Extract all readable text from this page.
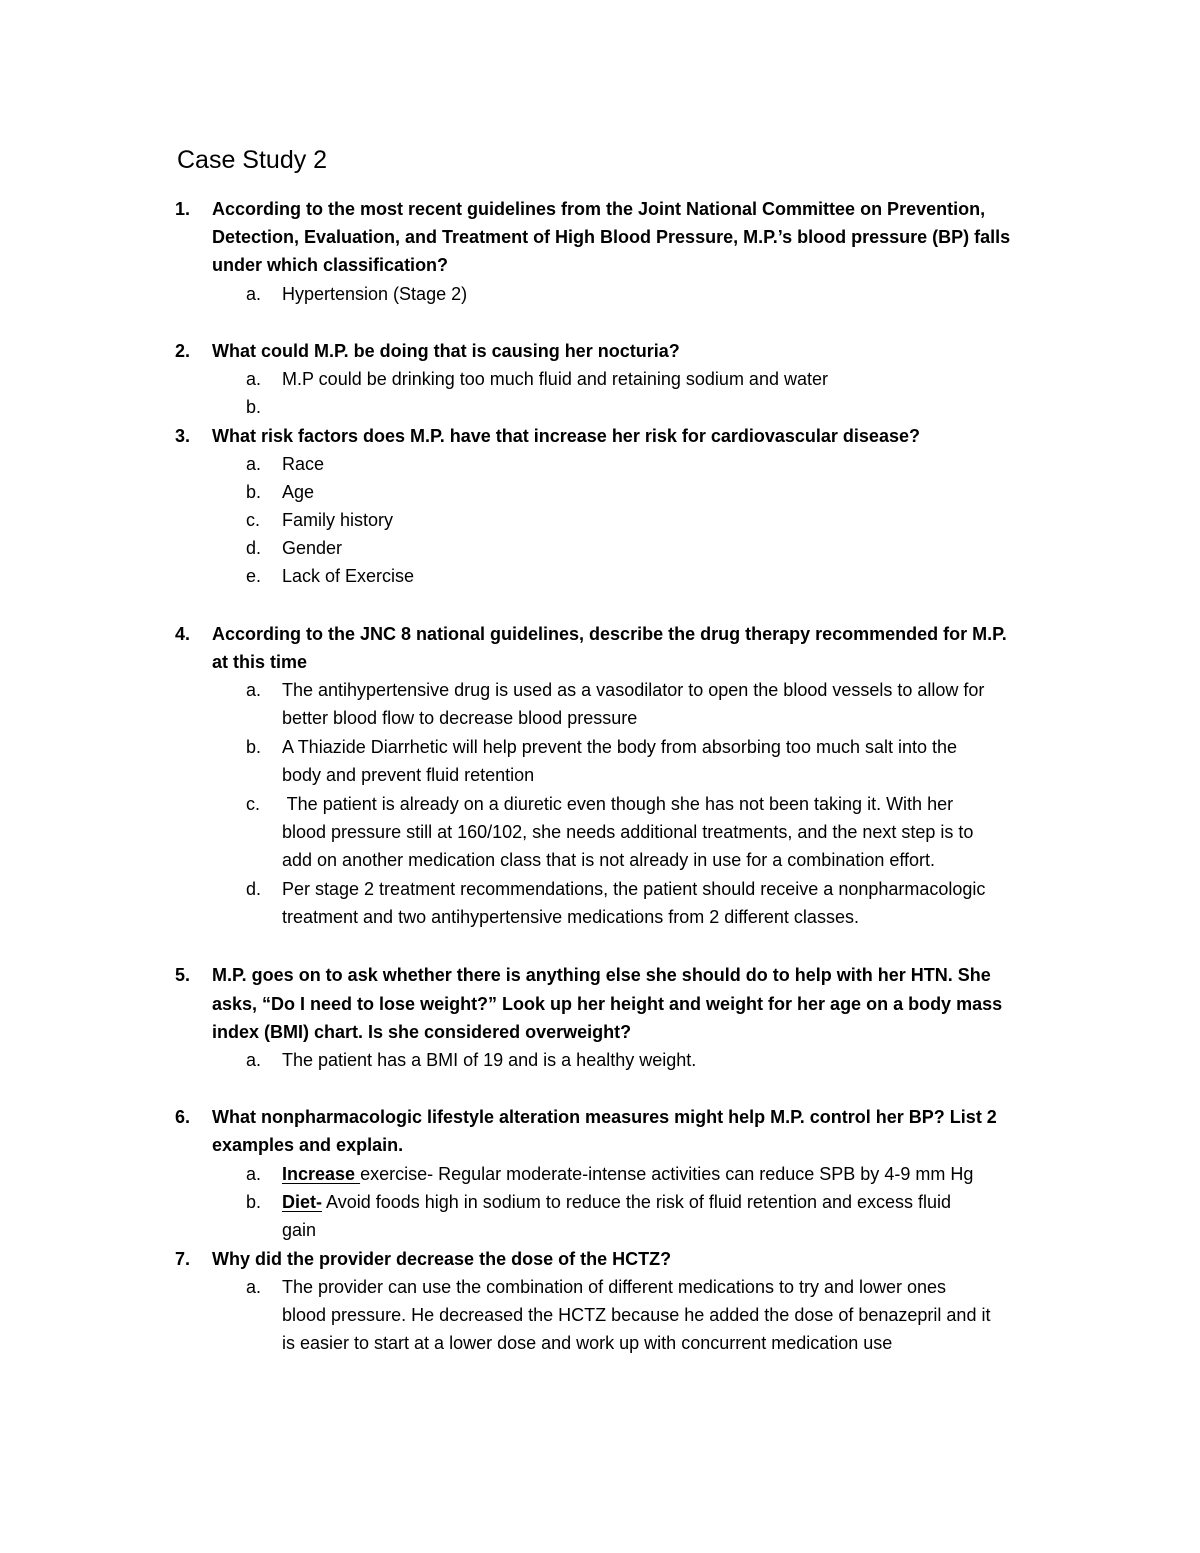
Case Study 2
1. According to the most recent guidelines from the Joint National Committee on Prevention,
Detection, Evaluation, and Treatment of High Blood Pressure, M.P.’s blood pressure (BP) falls
under which classification?
a. Hypertension (Stage 2)
2. What could M.P. be doing that is causing her nocturia?
a. M.P could be drinking too much fluid and retaining sodium and water
b.
3. What risk factors does M.P. have that increase her risk for cardiovascular disease?
a. Race
b. Age
c. Family history
d. Gender
e. Lack of Exercise
4. According to the JNC 8 national guidelines, describe the drug therapy recommended for M.P.
at this time
a. The antihypertensive drug is used as a vasodilator to open the blood vessels to allow for
better blood flow to decrease blood pressure
b. A Thiazide Diarrhetic will help prevent the body from absorbing too much salt into the
body and prevent fluid retention
c. The patient is already on a diuretic even though she has not been taking it. With her
blood pressure still at 160/102, she needs additional treatments, and the next step is to
add on another medication class that is not already in use for a combination effort.
d. Per stage 2 treatment recommendations, the patient should receive a nonpharmacologic
treatment and two antihypertensive medications from 2 different classes.
5. M.P. goes on to ask whether there is anything else she should do to help with her HTN. She
asks, “Do I need to lose weight?” Look up her height and weight for her age on a body mass
index (BMI) chart. Is she considered overweight?
a. The patient has a BMI of 19 and is a healthy weight.
6. What nonpharmacologic lifestyle alteration measures might help M.P. control her BP? List 2
examples and explain.
a. Increase exercise- Regular moderate-intense activities can reduce SPB by 4-9 mm Hg
b. Diet- Avoid foods high in sodium to reduce the risk of fluid retention and excess fluid
gain
7. Why did the provider decrease the dose of the HCTZ?
a. The provider can use the combination of different medications to try and lower ones
blood pressure. He decreased the HCTZ because he added the dose of benazepril and it
is easier to start at a lower dose and work up with concurrent medication use
